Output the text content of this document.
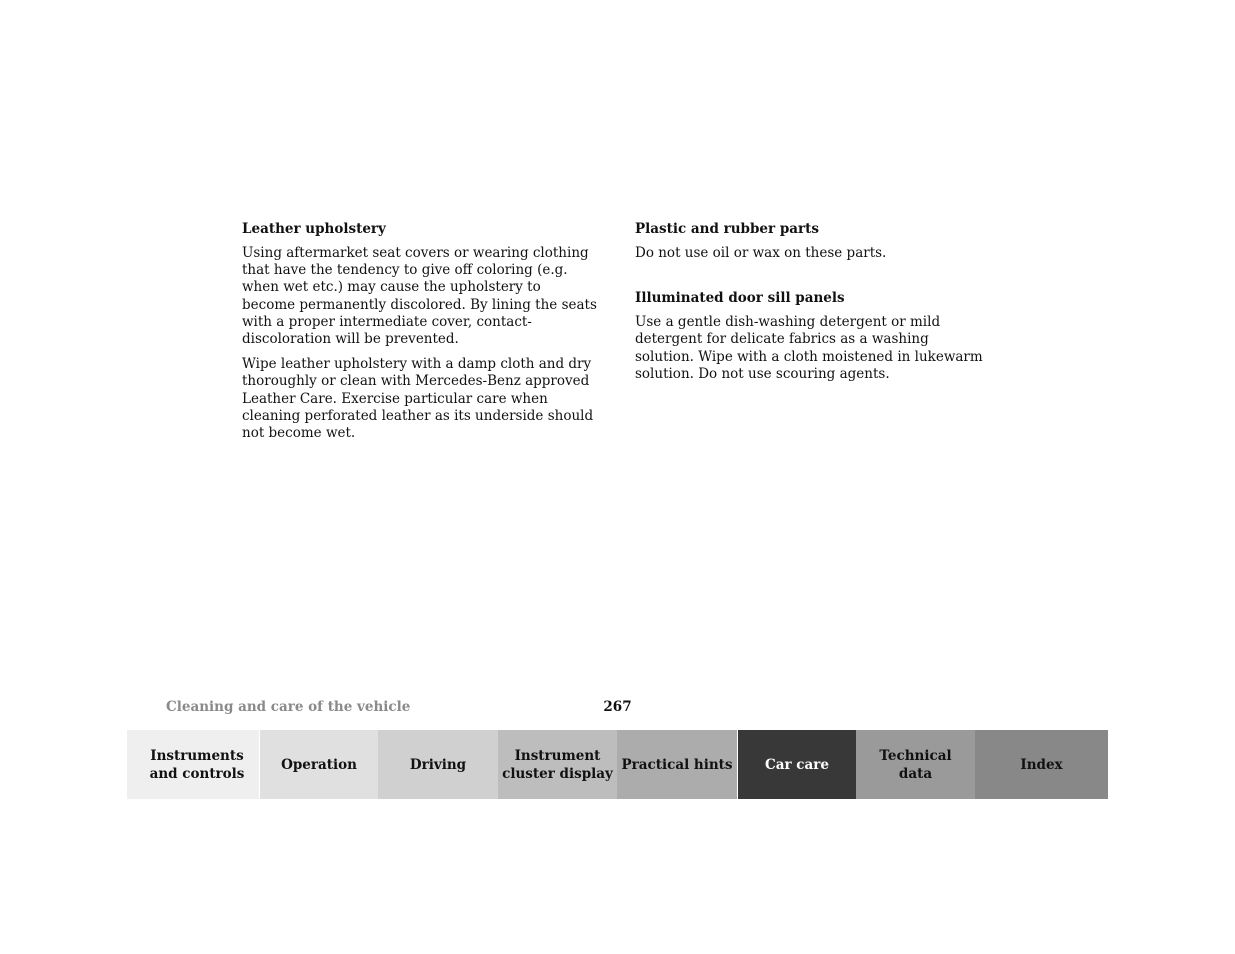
Leather upholstery

Using aftermarket seat covers or wearing clothing that have the tendency to give off coloring (e.g. when wet etc.) may cause the upholstery to become permanently discolored. By lining the seats with a proper intermediate cover, contact-discoloration will be prevented.

Wipe leather upholstery with a damp cloth and dry thoroughly or clean with Mercedes-Benz approved Leather Care. Exercise particular care when cleaning perforated leather as its underside should not become wet.

Plastic and rubber parts

Do not use oil or wax on these parts.

Illuminated door sill panels

Use a gentle dish-washing detergent or mild detergent for delicate fabrics as a washing solution. Wipe with a cloth moistened in lukewarm solution. Do not use scouring agents.

Cleaning and care of the vehicle	267
Instruments
and controls
Operation	Driving
Instrument
cluster display
Practical hints	Car care
Technical
data
Index
